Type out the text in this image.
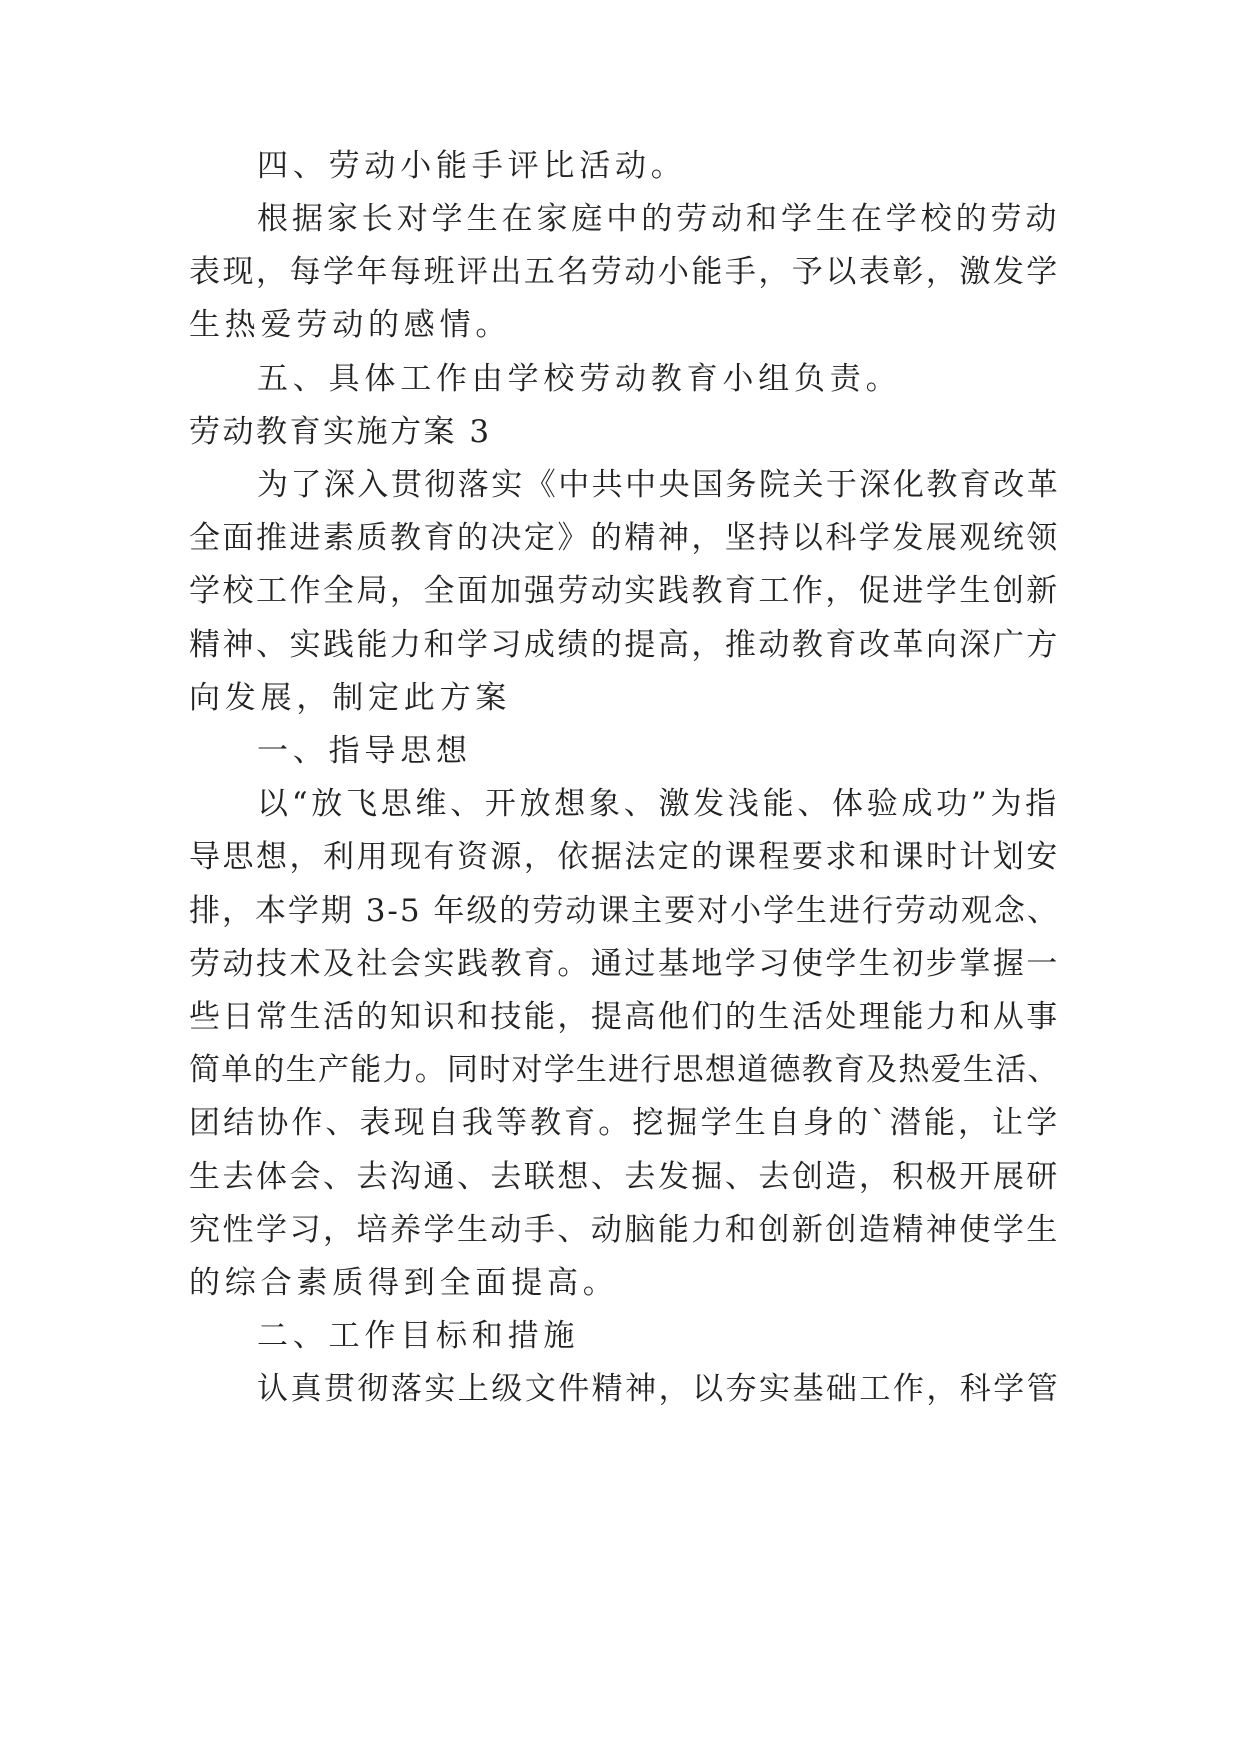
四、劳动小能手评比活动。
根据家长对学生在家庭中的劳动和学生在学校的劳动
表现，每学年每班评出五名劳动小能手，予以表彰，激发学
生热爱劳动的感情。
五、具体工作由学校劳动教育小组负责。
劳动教育实施方案 3
为了深入贯彻落实《中共中央国务院关于深化教育改革
全面推进素质教育的决定》的精神，坚持以科学发展观统领
学校工作全局，全面加强劳动实践教育工作，促进学生创新
精神、实践能力和学习成绩的提高，推动教育改革向深广方
向发展，制定此方案
一、指导思想
以“放飞思维、开放想象、激发浅能、体验成功”为指
导思想，利用现有资源，依据法定的课程要求和课时计划安
排，本学期 3-5 年级的劳动课主要对小学生进行劳动观念、
劳动技术及社会实践教育。通过基地学习使学生初步掌握一
些日常生活的知识和技能，提高他们的生活处理能力和从事
简单的生产能力。同时对学生进行思想道德教育及热爱生活、
团结协作、表现自我等教育。挖掘学生自身的`潜能，让学
生去体会、去沟通、去联想、去发掘、去创造，积极开展研
究性学习，培养学生动手、动脑能力和创新创造精神使学生
的综合素质得到全面提高。
二、工作目标和措施
认真贯彻落实上级文件精神，以夯实基础工作，科学管
